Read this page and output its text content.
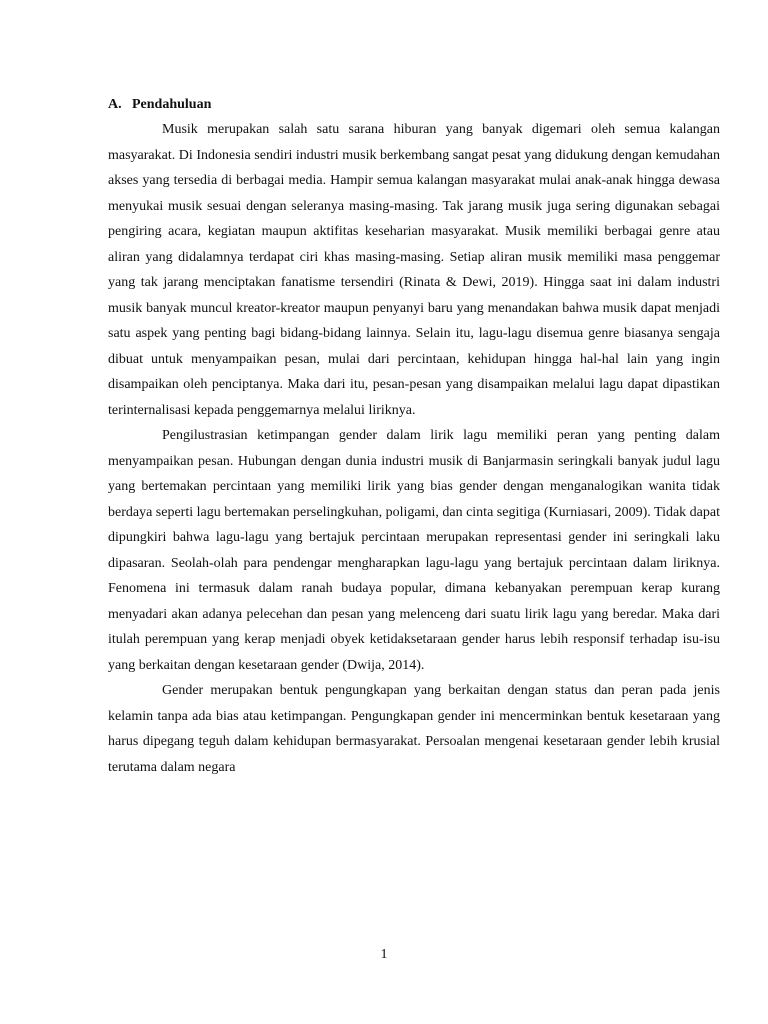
A. Pendahuluan

Musik merupakan salah satu sarana hiburan yang banyak digemari oleh semua kalangan masyarakat. Di Indonesia sendiri industri musik berkembang sangat pesat yang didukung dengan kemudahan akses yang tersedia di berbagai media. Hampir semua kalangan masyarakat mulai anak-anak hingga dewasa menyukai musik sesuai dengan seleranya masing-masing. Tak jarang musik juga sering digunakan sebagai pengiring acara, kegiatan maupun aktifitas keseharian masyarakat. Musik memiliki berbagai genre atau aliran yang didalamnya terdapat ciri khas masing-masing. Setiap aliran musik memiliki masa penggemar yang tak jarang menciptakan fanatisme tersendiri (Rinata & Dewi, 2019). Hingga saat ini dalam industri musik banyak muncul kreator-kreator maupun penyanyi baru yang menandakan bahwa musik dapat menjadi satu aspek yang penting bagi bidang-bidang lainnya. Selain itu, lagu-lagu disemua genre biasanya sengaja dibuat untuk menyampaikan pesan, mulai dari percintaan, kehidupan hingga hal-hal lain yang ingin disampaikan oleh penciptanya. Maka dari itu, pesan-pesan yang disampaikan melalui lagu dapat dipastikan terinternalisasi kepada penggemarnya melalui liriknya.

Pengilustrasian ketimpangan gender dalam lirik lagu memiliki peran yang penting dalam menyampaikan pesan. Hubungan dengan dunia industri musik di Banjarmasin seringkali banyak judul lagu yang bertemakan percintaan yang memiliki lirik yang bias gender dengan menganalogikan wanita tidak berdaya seperti lagu bertemakan perselingkuhan, poligami, dan cinta segitiga (Kurniasari, 2009). Tidak dapat dipungkiri bahwa lagu-lagu yang bertajuk percintaan merupakan representasi gender ini seringkali laku dipasaran. Seolah-olah para pendengar mengharapkan lagu-lagu yang bertajuk percintaan dalam liriknya. Fenomena ini termasuk dalam ranah budaya popular, dimana kebanyakan perempuan kerap kurang menyadari akan adanya pelecehan dan pesan yang melenceng dari suatu lirik lagu yang beredar. Maka dari itulah perempuan yang kerap menjadi obyek ketidaksetaraan gender harus lebih responsif terhadap isu-isu yang berkaitan dengan kesetaraan gender (Dwija, 2014).

Gender merupakan bentuk pengungkapan yang berkaitan dengan status dan peran pada jenis kelamin tanpa ada bias atau ketimpangan. Pengungkapan gender ini mencerminkan bentuk kesetaraan yang harus dipegang teguh dalam kehidupan bermasyarakat. Persoalan mengenai kesetaraan gender lebih krusial terutama dalam negara

1
